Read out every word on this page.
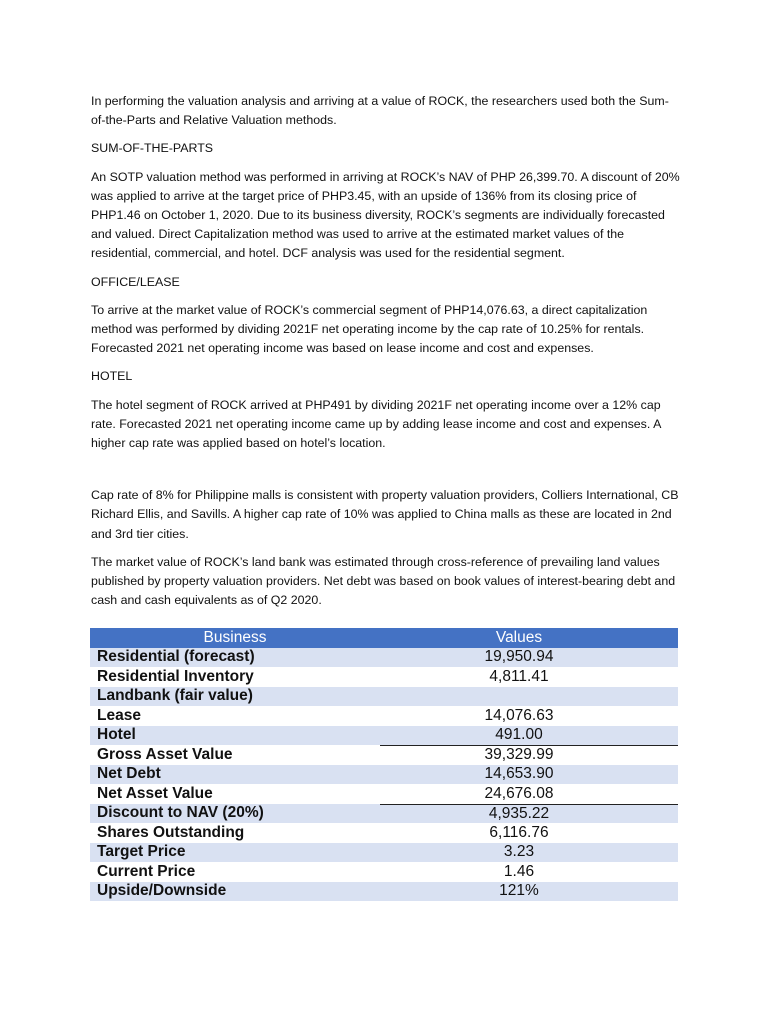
In performing the valuation analysis and arriving at a value of ROCK, the researchers used both the Sum-of-the-Parts and Relative Valuation methods.

SUM-OF-THE-PARTS

An SOTP valuation method was performed in arriving at ROCK’s NAV of PHP 26,399.70. A discount of 20% was applied to arrive at the target price of PHP3.45, with an upside of 136% from its closing price of PHP1.46 on October 1, 2020. Due to its business diversity, ROCK’s segments are individually forecasted and valued. Direct Capitalization method was used to arrive at the estimated market values of the residential, commercial, and hotel. DCF analysis was used for the residential segment.

OFFICE/LEASE

To arrive at the market value of ROCK’s commercial segment of PHP14,076.63, a direct capitalization method was performed by dividing 2021F net operating income by the cap rate of 10.25% for rentals. Forecasted 2021 net operating income was based on lease income and cost and expenses.

HOTEL

The hotel segment of ROCK arrived at PHP491 by dividing 2021F net operating income over a 12% cap rate. Forecasted 2021 net operating income came up by adding lease income and cost and expenses. A higher cap rate was applied based on hotel’s location.

Cap rate of 8% for Philippine malls is consistent with property valuation providers, Colliers International, CB Richard Ellis, and Savills. A higher cap rate of 10% was applied to China malls as these are located in 2nd and 3rd tier cities.

The market value of ROCK’s land bank was estimated through cross-reference of prevailing land values published by property valuation providers. Net debt was based on book values of interest-bearing debt and cash and cash equivalents as of Q2 2020.

Business	Values
Residential (forecast)	19,950.94
Residential Inventory	4,811.41
Landbank (fair value)
Lease	14,076.63
Hotel	491.00
Gross Asset Value	39,329.99
Net Debt	14,653.90
Net Asset Value	24,676.08
Discount to NAV (20%)	4,935.22
Shares Outstanding	6,116.76
Target Price	3.23
Current Price	1.46
Upside/Downside	121%
